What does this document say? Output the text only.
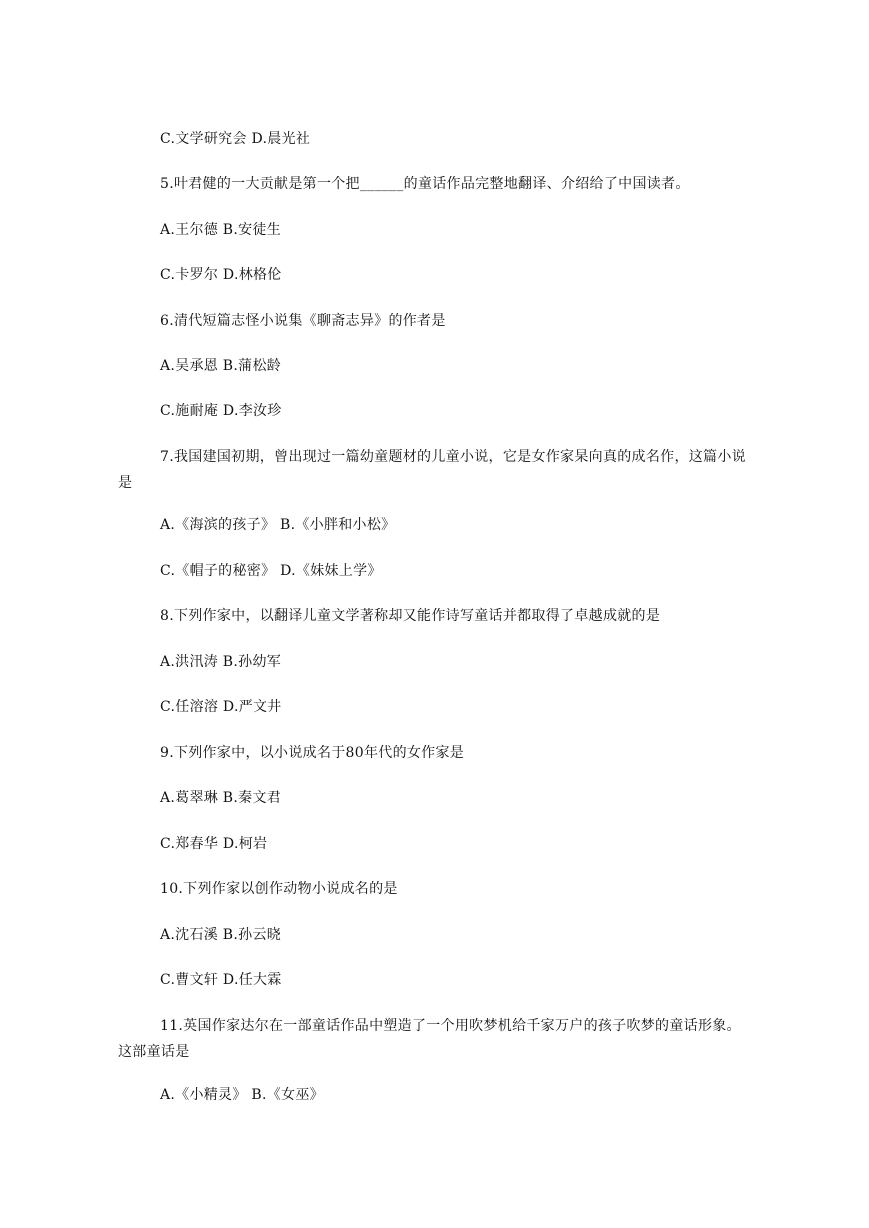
C.文学研究会 D.晨光社
5.叶君健的一大贡献是第一个把______的童话作品完整地翻译、介绍给了中国读者。
A.王尔德 B.安徒生
C.卡罗尔 D.林格伦
6.清代短篇志怪小说集《聊斋志异》的作者是
A.吴承恩 B.蒲松龄
C.施耐庵 D.李汝珍
7.我国建国初期，曾出现过一篇幼童题材的儿童小说，它是女作家杲向真的成名作，这篇小说是
A.《海滨的孩子》 B.《小胖和小松》
C.《帽子的秘密》 D.《妹妹上学》
8.下列作家中，以翻译儿童文学著称却又能作诗写童话并都取得了卓越成就的是
A.洪汛涛 B.孙幼军
C.任溶溶 D.严文井
9.下列作家中，以小说成名于80年代的女作家是
A.葛翠琳 B.秦文君
C.郑春华 D.柯岩
10.下列作家以创作动物小说成名的是
A.沈石溪 B.孙云晓
C.曹文轩 D.任大霖
11.英国作家达尔在一部童话作品中塑造了一个用吹梦机给千家万户的孩子吹梦的童话形象。这部童话是
A.《小精灵》 B.《女巫》
